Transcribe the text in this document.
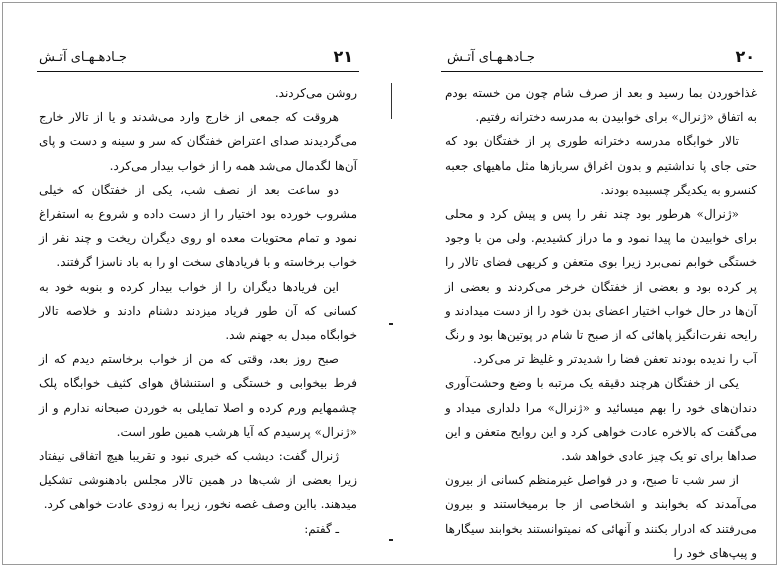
جـادهـهـای آتـش	۲۱

روشن می‌کردند.

هروقت که جمعی از خارج وارد می‌شدند و یا از تالار خارج می‌گردیدند صدای اعتراض خفتگان که سر و سینه و دست و پای آن‌ها لگدمال می‌شد همه را از خواب بیدار می‌کرد.

دو ساعت بعد از نصف شب، یکی از خفتگان که خیلی مشروب خورده بود اختیار را از دست داده و شروع به استفراغ نمود و تمام محتویات معده او روی دیگران ریخت و چند نفر از خواب برخاسته و با فریادهای سخت او را به باد ناسزا گرفتند.

این فریادها دیگران را از خواب بیدار کرده و بنوبه خود به کسانی که آن طور فریاد میزدند دشنام دادند و خلاصه تالار خوابگاه مبدل به جهنم شد.

صبح روز بعد، وقتی که من از خواب برخاستم دیدم که از فرط بیخوابی و خستگی و استنشاق هوای کثیف خوابگاه پلک چشمهایم ورم کرده و اصلا تمایلی به خوردن صبحانه ندارم و از «ژنرال» پرسیدم که آیا هرشب همین طور است.

ژنرال گفت: دیشب که خبری نبود و تقریبا هیچ اتفاقی نیفتاد زیرا بعضی از شب‌ها در همین تالار مجلس بادهنوشی تشکیل میدهند. بااین وصف غصه نخور، زیرا به زودی عادت خواهی کرد.

ـ گفتم:

جـادهـهـای آتـش	۲۰

غذاخوردن بما رسید و بعد از صرف شام چون من خسته بودم به اتفاق «ژنرال» برای خوابیدن به مدرسه دخترانه رفتیم.

تالار خوابگاه مدرسه دخترانه طوری پر از خفتگان بود که حتی جای پا نداشتیم و بدون اغراق سربازها مثل ماهیهای جعبه کنسرو به یکدیگر چسبیده بودند.

«ژنرال» هرطور بود چند نفر را پس و پیش کرد و محلی برای خوابیدن ما پیدا نمود و ما دراز کشیدیم. ولی من با وجود خستگی خوابم نمی‌برد زیرا بوی متعفن و کریهی فضای تالار را پر کرده بود و بعضی از خفتگان خرخر می‌کردند و بعضی از آن‌ها در حال خواب اختیار اعضای بدن خود را از دست میدادند و رایحه نفرت‌انگیز پاهائی که از صبح تا شام در پوتین‌ها بود و رنگ آب را ندیده بودند تعفن فضا را شدیدتر و غلیظ تر می‌کرد.

یکی از خفتگان هرچند دقیقه یک مرتبه با وضع وحشت‌آوری دندان‌های خود را بهم میسائید و «ژنرال» مرا دلداری میداد و می‌گفت که بالاخره عادت خواهی کرد و این روایح متعفن و این صداها برای تو یک چیز عادی خواهد شد.

از سر شب تا صبح، و در فواصل غیرمنظم کسانی از بیرون می‌آمدند که بخوابند و اشخاصی از جا برمیخاستند و بیرون می‌رفتند که ادرار بکنند و آنهائی که نمیتوانستند بخوابند سیگارها و پیپ‌های خود را
